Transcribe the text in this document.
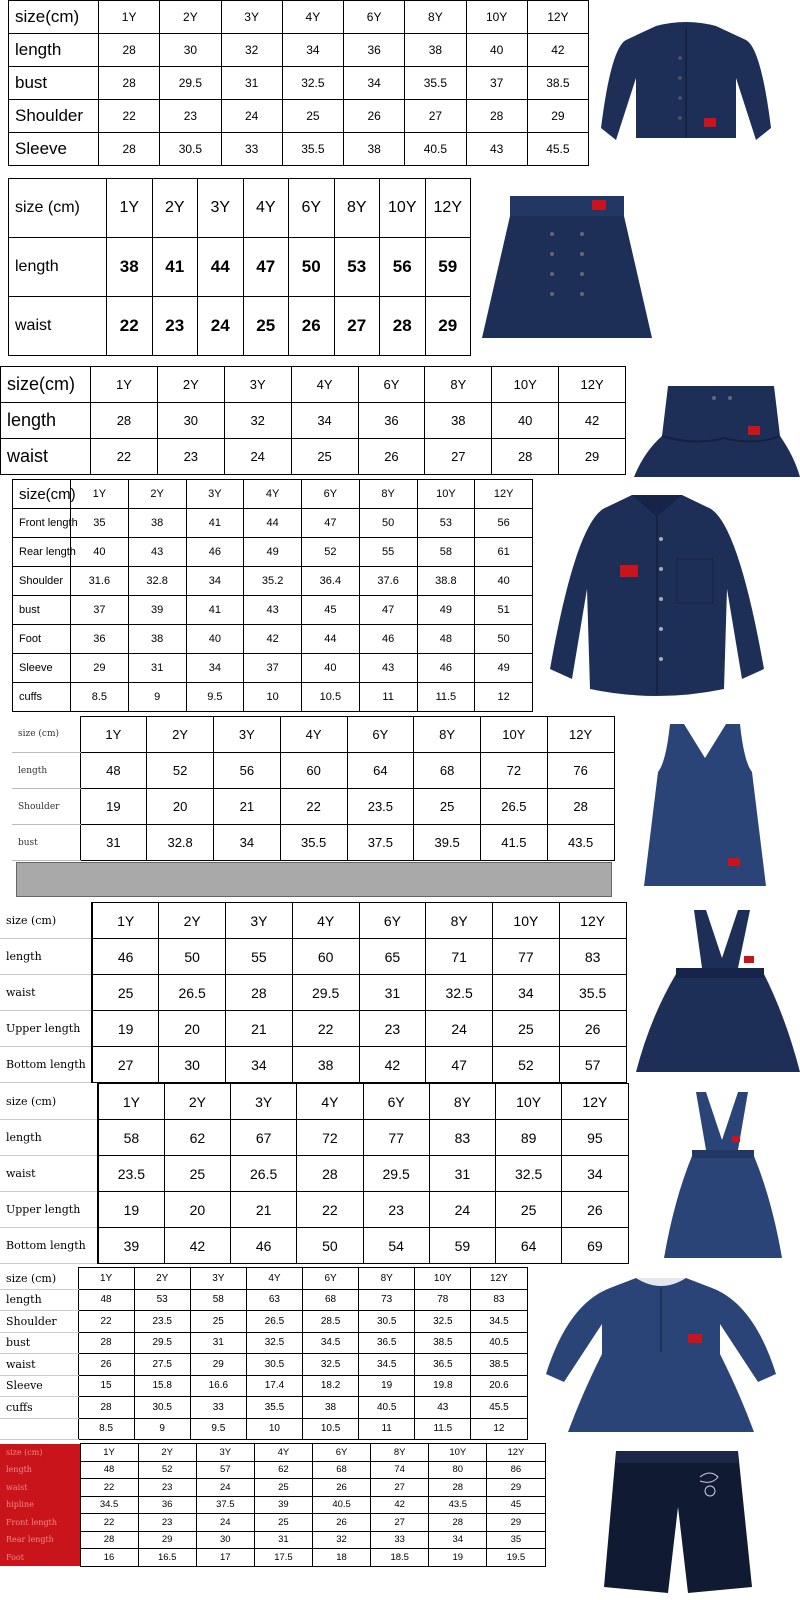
size(cm)	1Y	2Y	3Y	4Y	6Y	8Y	10Y	12Y
length	28	30	32	34	36	38	40	42
bust	28	29.5	31	32.5	34	35.5	37	38.5
Shoulder	22	23	24	25	26	27	28	29
Sleeve	28	30.5	33	35.5	38	40.5	43	45.5
size (cm)	1Y	2Y	3Y	4Y	6Y	8Y	10Y	12Y
length	38	41	44	47	50	53	56	59
waist	22	23	24	25	26	27	28	29
size(cm)	1Y	2Y	3Y	4Y	6Y	8Y	10Y	12Y
length	28	30	32	34	36	38	40	42
waist	22	23	24	25	26	27	28	29
size(cm)	1Y	2Y	3Y	4Y	6Y	8Y	10Y	12Y
Front length	35	38	41	44	47	50	53	56
Rear length	40	43	46	49	52	55	58	61
Shoulder	31.6	32.8	34	35.2	36.4	37.6	38.8	40
bust	37	39	41	43	45	47	49	51
Foot	36	38	40	42	44	46	48	50
Sleeve	29	31	34	37	40	43	46	49
cuffs	8.5	9	9.5	10	10.5	11	11.5	12
size (cm)	1Y	2Y	3Y	4Y	6Y	8Y	10Y	12Y
length	48	52	56	60	64	68	72	76
Shoulder	19	20	21	22	23.5	25	26.5	28
bust	31	32.8	34	35.5	37.5	39.5	41.5	43.5
size (cm)	1Y	2Y	3Y	4Y	6Y	8Y	10Y	12Y
length	46	50	55	60	65	71	77	83
waist	25	26.5	28	29.5	31	32.5	34	35.5
Upper length	19	20	21	22	23	24	25	26
Bottom length	27	30	34	38	42	47	52	57
size (cm)	1Y	2Y	3Y	4Y	6Y	8Y	10Y	12Y
length	58	62	67	72	77	83	89	95
waist	23.5	25	26.5	28	29.5	31	32.5	34
Upper length	19	20	21	22	23	24	25	26
Bottom length	39	42	46	50	54	59	64	69
size (cm)	1Y	2Y	3Y	4Y	6Y	8Y	10Y	12Y
length	48	53	58	63	68	73	78	83
Shoulder	22	23.5	25	26.5	28.5	30.5	32.5	34.5
bust	28	29.5	31	32.5	34.5	36.5	38.5	40.5
waist	26	27.5	29	30.5	32.5	34.5	36.5	38.5
Sleeve	15	15.8	16.6	17.4	18.2	19	19.8	20.6
cuffs	28	30.5	33	35.5	38	40.5	43	45.5
	8.5	9	9.5	10	10.5	11	11.5	12
size (cm)	1Y	2Y	3Y	4Y	6Y	8Y	10Y	12Y
length	48	52	57	62	68	74	80	86
waist	22	23	24	25	26	27	28	29
hipline	34.5	36	37.5	39	40.5	42	43.5	45
Front length	22	23	24	25	26	27	28	29
Rear length	28	29	30	31	32	33	34	35
Foot	16	16.5	17	17.5	18	18.5	19	19.5
